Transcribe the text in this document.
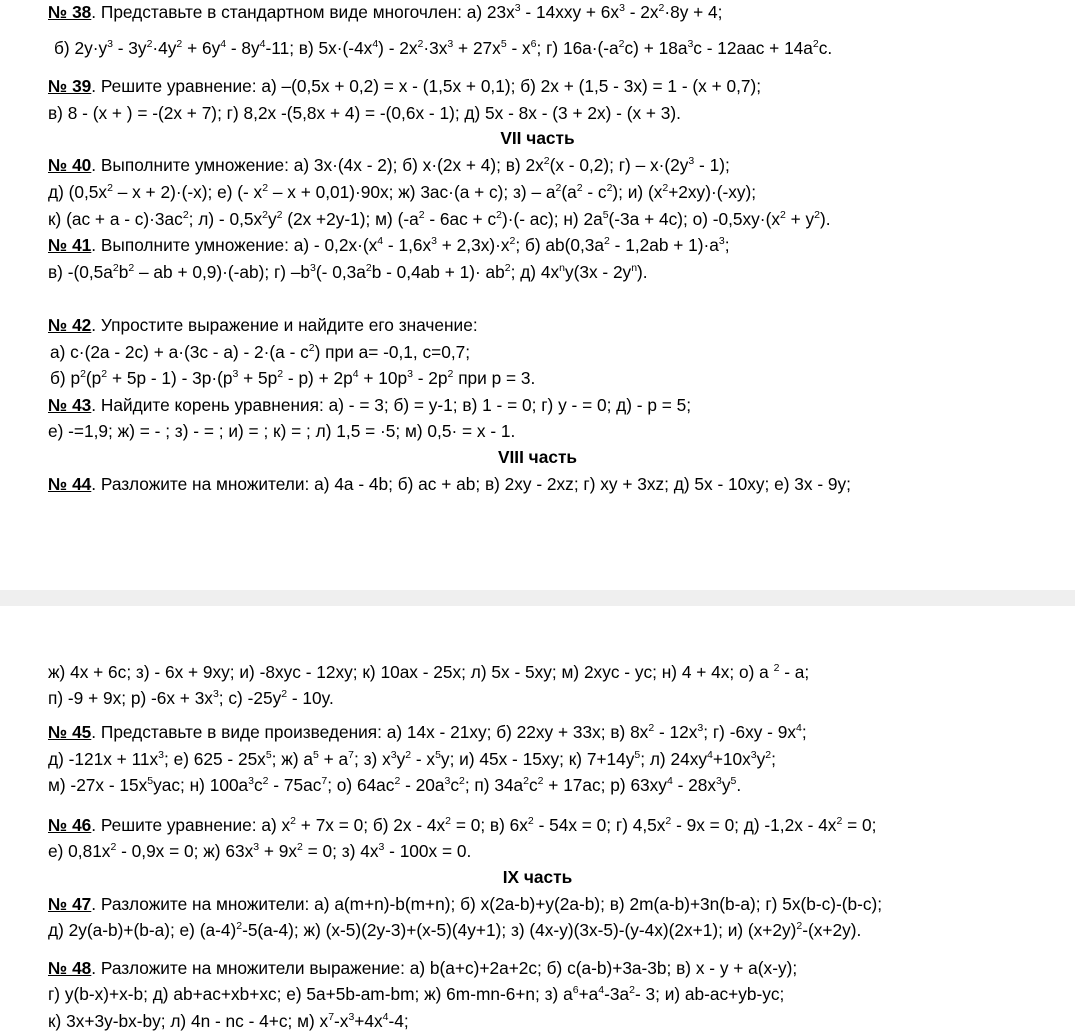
№ 38. Представьте в стандартном виде многочлен: а) $23x^3 - 14xxy + 6x^3 - 2x^2\cdot 8y + 4$;
б) $2y\cdot y^3 - 3y^2\cdot 4y^2 + 6y^4 - 8y^4-11$; в) $5x\cdot(-4x^4) - 2x^2\cdot 3x^3 + 27x^5 - x^6$; г) $16a\cdot(-a^2c) + 18a^3c - 12aac + 14a^2c$.
№ 39. Решите уравнение: а) –(0,5x + 0,2) = x - (1,5x + 0,1); б) 2x + (1,5 - 3x) = 1 - (x + 0,7);
в) 8 - (x + ) = -(2x + 7); г) 8,2x -(5,8x + 4) = -(0,6x - 1); д) 5x - 8x - (3 + 2x) - (x + 3).
VII часть
№ 40. Выполните умножение: а) 3x·(4x - 2); б) x·(2x + 4); в) $2x^2(x - 0,2)$; $г) - x\cdot(2y^3 - 1)$;
д) $(0,5x^2 - x + 2)\cdot(-x)$; е) (- $x^2 - x + 0,01)\cdot 90x$; ж) 3ac·(a + c); $з) - a^2(a^2 - c^2)$; и) $(x^2+2xy)\cdot(-xy)$;
к) $(ac + a - c)\cdot 3ac^2$; $л) - 0,5x^2y^2$ (2x +2y-1); м) $(-a^2 - 6ac + c^2)\cdot(-$ ac); н) $2a^5(-3a + 4c)$; о) $-0,5xy\cdot(x^2 + y^2)$.
№ 41. Выполните умножение: $а) - 0,2x\cdot(x^4 - 1,6x^3 + 2,3x)\cdot x^2$; б) $ab(0,3a^2 - 1,2ab + 1)\cdot a^3$;
в) $-(0,5a^2b^2$ – ab + 0,9)·(-ab); г) $-b^3(-$ $0,3a^2b - 0,4ab + 1)\cdot ab^2$; д) $4x^ny(3x - 2y^n)$.
№ 42. Упростите выражение и найдите его значение:
а) $c\cdot(2a - 2c) + a\cdot(3c - a) - 2\cdot(a - c^2)$ при a= -0,1, c=0,7;
б) $p^2(p^2 + 5p - 1) - 3p\cdot(p^3 + 5p^2 - p) + 2p^4 + 10p^3 - 2p^2$ при p = 3.
№ 43. Найдите корень уравнения: а) - = 3; б) = y-1; в) 1 - = 0; г) y - = 0; д) - p = 5;
е) -=1,9; ж) = - ; з) - = ; и) = ; к) = ; л) 1,5 = ·5; м) 0,5· = x - 1.
VIII часть
№ 44. Разложите на множители: а) 4a - 4b; б) ac + ab; в) 2xy - 2xz; г) xy + 3xz; д) 5x - 10xy; е) 3x - 9y;
ж) 4x + 6c; з) - 6x + 9xy; и) -8xyc - 12xy; к) 10ax - 25x; л) 5x - 5xy; м) 2xyc - yc; н) 4 + 4x; о) a $^2$ - a;
п) -9 + 9x; р) $-6x + 3x^3$; с) $-25y^2 - 10y$.
№ 45. Представьте в виде произведения: а) 14x - 21xy; б) 22xy + 33x; в) $8x^2 - 12x^3$; г) $-6xy - 9x^4$;
д) $-121x + 11x^3$; е) $625 - 25x^5$; ж) $a^5 + a^7$; з) $x^3y^2 - x^5y$; и) 45x - 15xy; к) $7+14y^5$; л) $24xy^4+10x^3y^2$;
м) $-27x - 15x^5yac$; н) $100a^3c^2 - 75ac^7$; о) $64ac^2 - 20a^3c^2$; п) $34a^2c^2 + 17ac$; р) $63xy^4 - 28x^3y^5$.
№ 46. Решите уравнение: а) $x^2 + 7x = 0$; б) $2x - 4x^2 = 0$; в) $6x^2 - 54x = 0$; г) $4,5x^2 - 9x = 0$; д) $-1,2x - 4x^2 = 0$;
е) $0,81x^2 - 0,9x = 0$; ж) $63x^3 + 9x^2 = 0$; з) $4x^3 - 100x = 0$.
IX часть
№ 47. Разложите на множители: а) a(m+n)-b(m+n); б) x(2a-b)+y(2a-b); в) 2m(a-b)+3n(b-a); г) 5x(b-c)-(b-c);
д) 2y(a-b)+(b-a); е) $(a-4)^2-5(a-4)$; ж) (x-5)(2y-3)+(x-5)(4y+1); з) (4x-y)(3x-5)-(y-4x)(2x+1); и) $(x+2y)^2-(x+2y)$.
№ 48. Разложите на множители выражение: а) b(a+c)+2a+2c; б) c(a-b)+3a-3b; в) x - y + a(x-y);
г) y(b-x)+x-b; д) ab+ac+xb+xc; е) 5a+5b-am-bm; ж) 6m-mn-6+n; з) $a^6+a^4-3a^2-$ 3; и) ab-ac+yb-yc;
к) 3x+3y-bx-by; л) 4n - nc - 4+c; м) $x^7-x^3+4x^4-4$;
